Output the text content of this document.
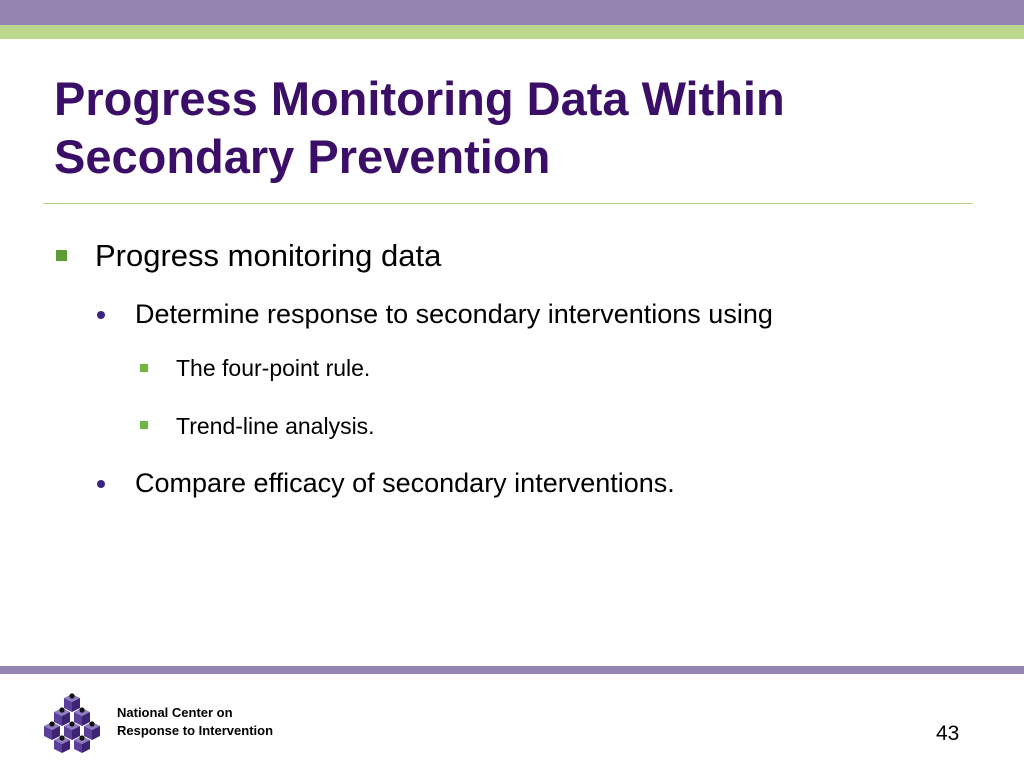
Progress Monitoring Data Within
Secondary Prevention
Progress monitoring data
Determine response to secondary interventions using
The four-point rule.
Trend-line analysis.
Compare efficacy of secondary interventions.
National Center on
Response to Intervention	43
